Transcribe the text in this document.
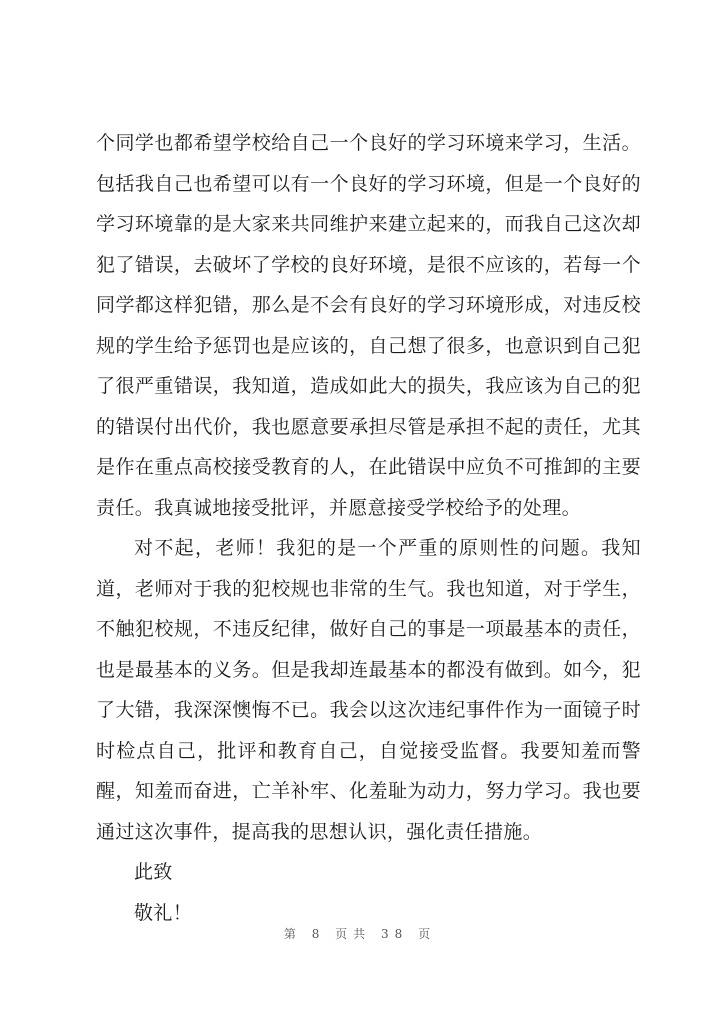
个同学也都希望学校给自己一个良好的学习环境来学习，生活。
包括我自己也希望可以有一个良好的学习环境，但是一个良好的
学习环境靠的是大家来共同维护来建立起来的，而我自己这次却
犯了错误，去破坏了学校的良好环境，是很不应该的，若每一个
同学都这样犯错，那么是不会有良好的学习环境形成，对违反校
规的学生给予惩罚也是应该的，自己想了很多，也意识到自己犯
了很严重错误，我知道，造成如此大的损失，我应该为自己的犯
的错误付出代价，我也愿意要承担尽管是承担不起的责任，尤其
是作在重点高校接受教育的人，在此错误中应负不可推卸的主要
责任。我真诚地接受批评，并愿意接受学校给予的处理。
对不起，老师！我犯的是一个严重的原则性的问题。我知
道，老师对于我的犯校规也非常的生气。我也知道，对于学生，
不触犯校规，不违反纪律，做好自己的事是一项最基本的责任，
也是最基本的义务。但是我却连最基本的都没有做到。如今，犯
了大错，我深深懊悔不已。我会以这次违纪事件作为一面镜子时
时检点自己，批评和教育自己，自觉接受监督。我要知羞而警
醒，知羞而奋进，亡羊补牢、化羞耻为动力，努力学习。我也要
通过这次事件，提高我的思想认识，强化责任措施。
此致
敬礼！
第 8 页共 38 页
